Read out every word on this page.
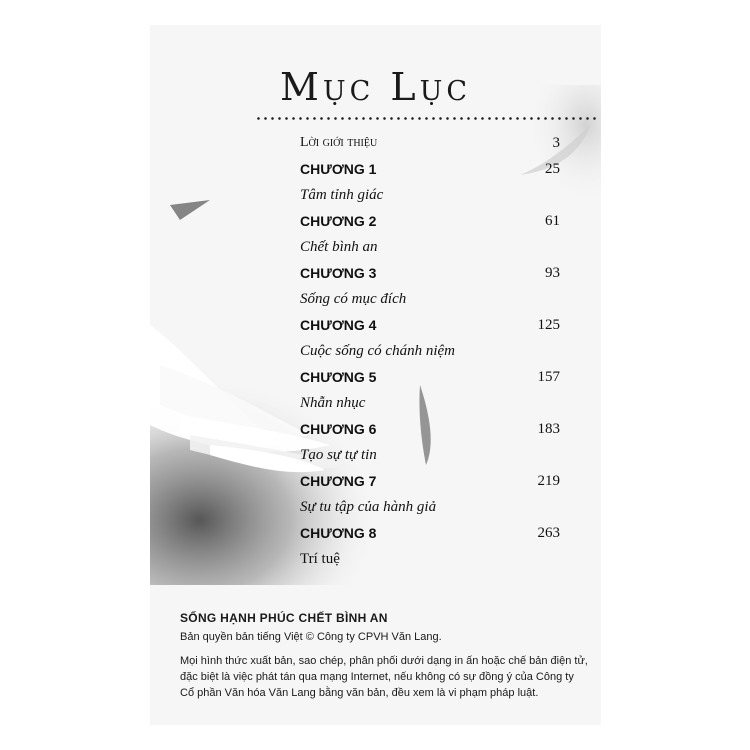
Mục Lục
Lời giới thiệu	3
CHƯƠNG 1	25
Tâm tỉnh giác
CHƯƠNG 2	61
Chết bình an
CHƯƠNG 3	93
Sống có mục đích
CHƯƠNG 4	125
Cuộc sống có chánh niệm
CHƯƠNG 5	157
Nhẫn nhục
CHƯƠNG 6	183
Tạo sự tự tin
CHƯƠNG 7	219
Sự tu tập của hành giả
CHƯƠNG 8	263
Trí tuệ
SỐNG HẠNH PHÚC CHẾT BÌNH AN
Bản quyền bản tiếng Việt © Công ty CPVH Văn Lang.
Mọi hình thức xuất bản, sao chép, phân phối dưới dạng in ấn hoặc chế bản điện tử,
đặc biệt là việc phát tán qua mạng Internet, nếu không có sự đồng ý của Công ty
Cổ phần Văn hóa Văn Lang bằng văn bản, đều xem là vi phạm pháp luật.
